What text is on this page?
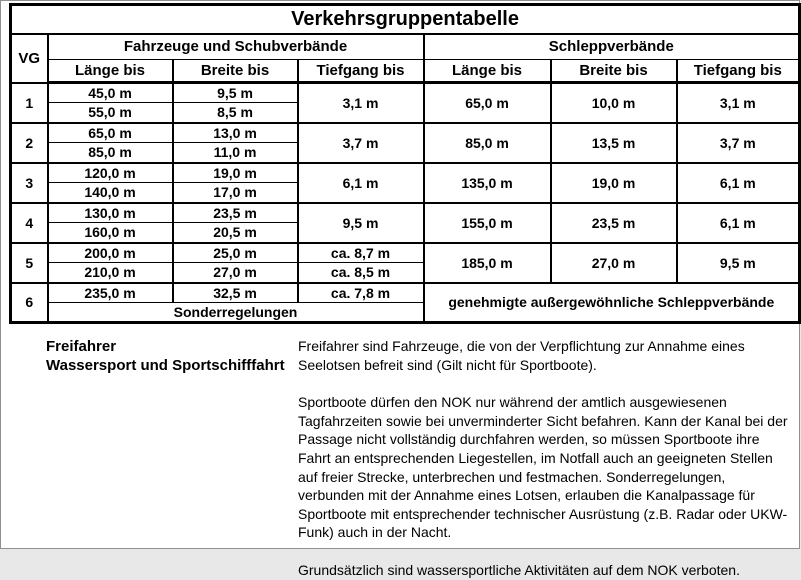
Verkehrsgruppentabelle						
VG	Fahrzeuge und Schubverbände			Schleppverbände		
	Länge bis	Breite bis	Tiefgang bis	Länge bis	Breite bis	Tiefgang bis
1	45,0 m	9,5 m	3,1 m	65,0 m	10,0 m	3,1 m
	55,0 m	8,5 m				
2	65,0 m	13,0 m	3,7 m	85,0 m	13,5 m	3,7 m
	85,0 m	11,0 m				
3	120,0 m	19,0 m	6,1 m	135,0 m	19,0 m	6,1 m
	140,0 m	17,0 m				
4	130,0 m	23,5 m	9,5 m	155,0 m	23,5 m	6,1 m
	160,0 m	20,5 m				
5	200,0 m	25,0 m	ca. 8,7 m	185,0 m	27,0 m	9,5 m
	210,0 m	27,0 m	ca. 8,5 m			
6	235,0 m	32,5 m	ca. 7,8 m	genehmigte außergewöhnliche Schleppverbände		
	Sonderregelungen					
Freifahrer
Wassersport und Sportschifffahrt

Freifahrer sind Fahrzeuge, die von der Verpflichtung zur Annahme eines Seelotsen befreit sind (Gilt nicht für Sportboote).

Sportboote dürfen den NOK nur während der amtlich ausgewiesenen Tagfahrzeiten sowie bei unverminderter Sicht befahren. Kann der Kanal bei der Passage nicht vollständig durchfahren werden, so müssen Sportboote ihre Fahrt an entsprechenden Liegestellen, im Notfall auch an geeigneten Stellen auf freier Strecke, unterbrechen und festmachen. Sonderregelungen, verbunden mit der Annahme eines Lotsen, erlauben die Kanalpassage für Sportboote mit entsprechender technischer Ausrüstung (z.B. Radar oder UKW-Funk) auch in der Nacht.

Grundsätzlich sind wassersportliche Aktivitäten auf dem NOK verboten.
